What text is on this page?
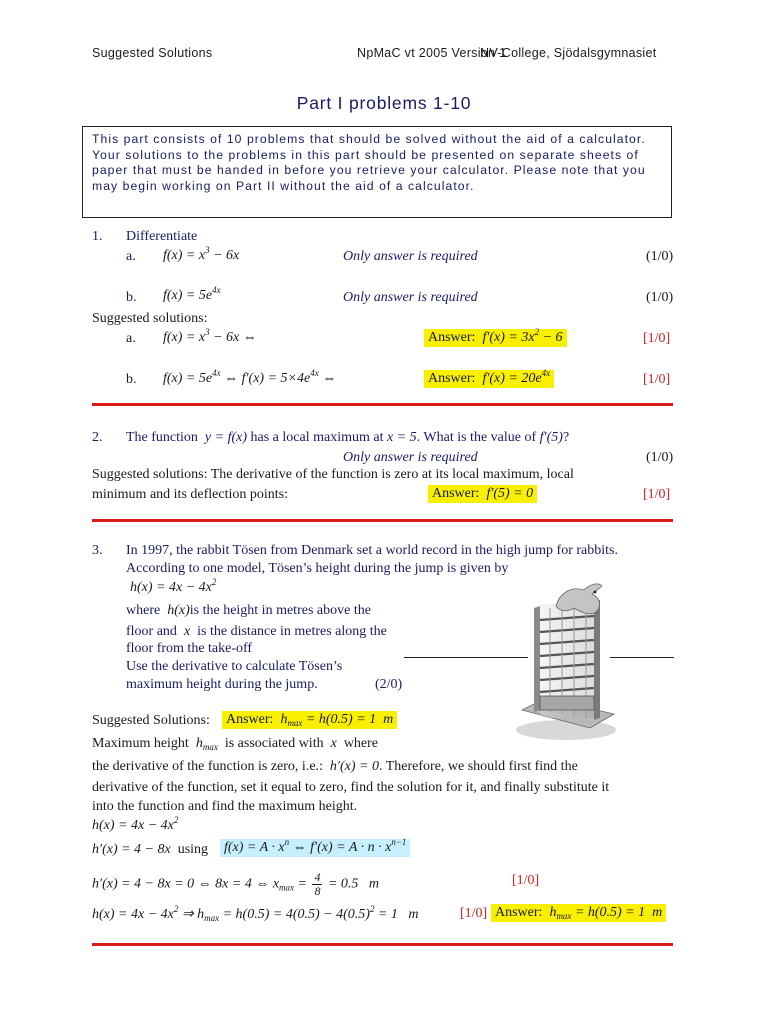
Suggested Solutions	NpMaC vt 2005 Version 1
NV-College, Sjödalsgymnasiet
Part I problems 1-10
This part consists of 10 problems that should be solved without the aid of a calculator. Your solutions to the problems in this part should be presented on separate sheets of paper that must be handed in before you retrieve your calculator. Please note that you may begin working on Part II without the aid of a calculator.
1. Differentiate
a. $f(x) = x^3 - 6x$	Only answer is required	(1/0)
b. $f(x) = 5e^{4x}$	Only answer is required	(1/0)
Suggested solutions:
a. $f(x) = x^3 - 6x$ ⇔	Answer: $f'(x) = 3x^2 - 6$	[1/0]
b. $f(x) = 5e^{4x}$ ⇔ $f'(x) = 5\times 4e^{4x}$ ⇔	Answer: $f'(x) = 20e^{4x}$	[1/0]
2. The function y = f(x) has a local maximum at x = 5. What is the value of f′(5)?
Only answer is required	(1/0)
Suggested solutions: The derivative of the function is zero at its local maximum, local
minimum and its deflection points:	Answer: f′(5) = 0	[1/0]
3. In 1997, the rabbit Tösen from Denmark set a world record in the high jump for rabbits.
According to one model, Tösen’s height during the jump is given by
$h(x) = 4x - 4x^2$
where h(x)is the height in metres above the
floor and x is the distance in metres along the
floor from the take-off
Use the derivative to calculate Tösen’s
maximum height during the jump.	(2/0)
Suggested Solutions: Answer: $h_{max} = h(0.5) = 1$  m
Maximum height $h_{max}$ is associated with x where
the derivative of the function is zero, i.e.: h′(x) = 0. Therefore, we should first find the
derivative of the function, set it equal to zero, find the solution for it, and finally substitute it
into the function and find the maximum height.
$h(x) = 4x - 4x^2$
h′(x) = 4 − 8x  using $f(x) = A \cdot x^n$ ⇔ $f'(x) = A \cdot n \cdot x^{n-1}$
h′(x) = 4 − 8x = 0 ⇔ 8x = 4 ⇔ $x_{max} = \frac{4}{8} = 0.5$   m	[1/0]
$h(x) = 4x - 4x^2$ ⇒ $h_{max} = h(0.5) = 4(0.5) - 4(0.5)^2 = 1$   m	[1/0] Answer: $h_{max} = h(0.5) = 1$  m
